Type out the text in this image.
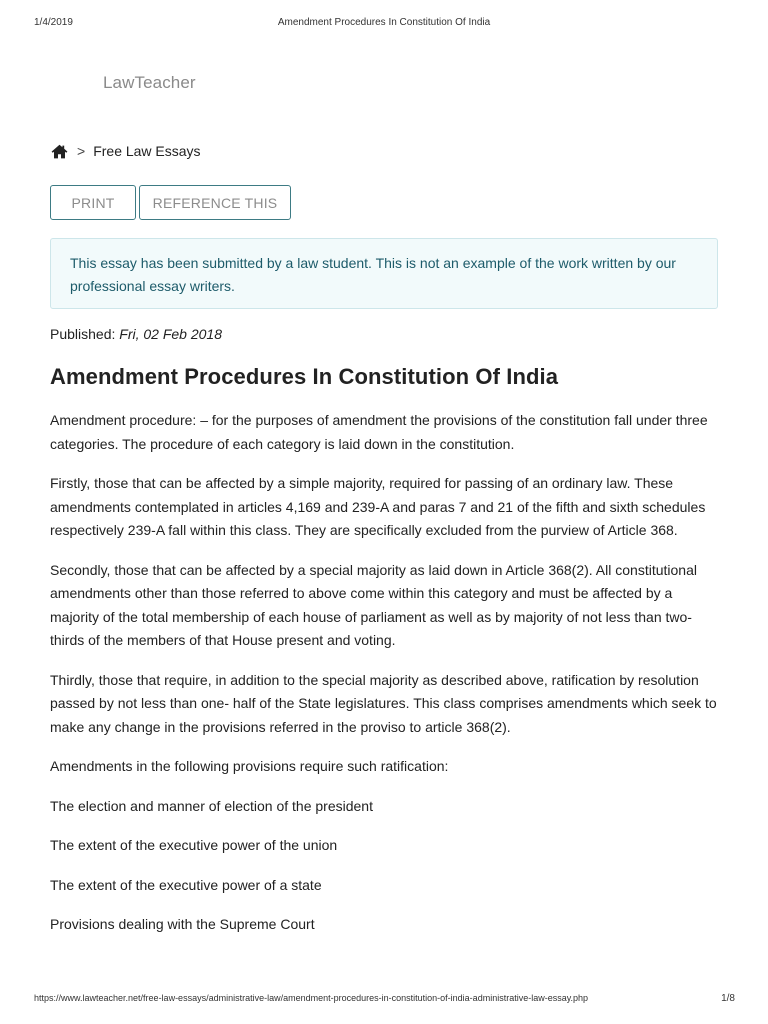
1/4/2019	Amendment Procedures In Constitution Of India
LawTeacher
> Free Law Essays
PRINT	REFERENCE THIS
This essay has been submitted by a law student. This is not an example of the work written by our professional essay writers.
Published: Fri, 02 Feb 2018
Amendment Procedures In Constitution Of India

Amendment procedure: – for the purposes of amendment the provisions of the constitution fall under three categories. The procedure of each category is laid down in the constitution.

Firstly, those that can be affected by a simple majority, required for passing of an ordinary law. These amendments contemplated in articles 4,169 and 239-A and paras 7 and 21 of the fifth and sixth schedules respectively 239-A fall within this class. They are specifically excluded from the purview of Article 368.

Secondly, those that can be affected by a special majority as laid down in Article 368(2). All constitutional amendments other than those referred to above come within this category and must be affected by a majority of the total membership of each house of parliament as well as by majority of not less than two-thirds of the members of that House present and voting.

Thirdly, those that require, in addition to the special majority as described above, ratification by resolution passed by not less than one- half of the State legislatures. This class comprises amendments which seek to make any change in the provisions referred in the proviso to article 368(2).

Amendments in the following provisions require such ratification:

The election and manner of election of the president

The extent of the executive power of the union

The extent of the executive power of a state

Provisions dealing with the Supreme Court

https://www.lawteacher.net/free-law-essays/administrative-law/amendment-procedures-in-constitution-of-india-administrative-law-essay.php	1/8
